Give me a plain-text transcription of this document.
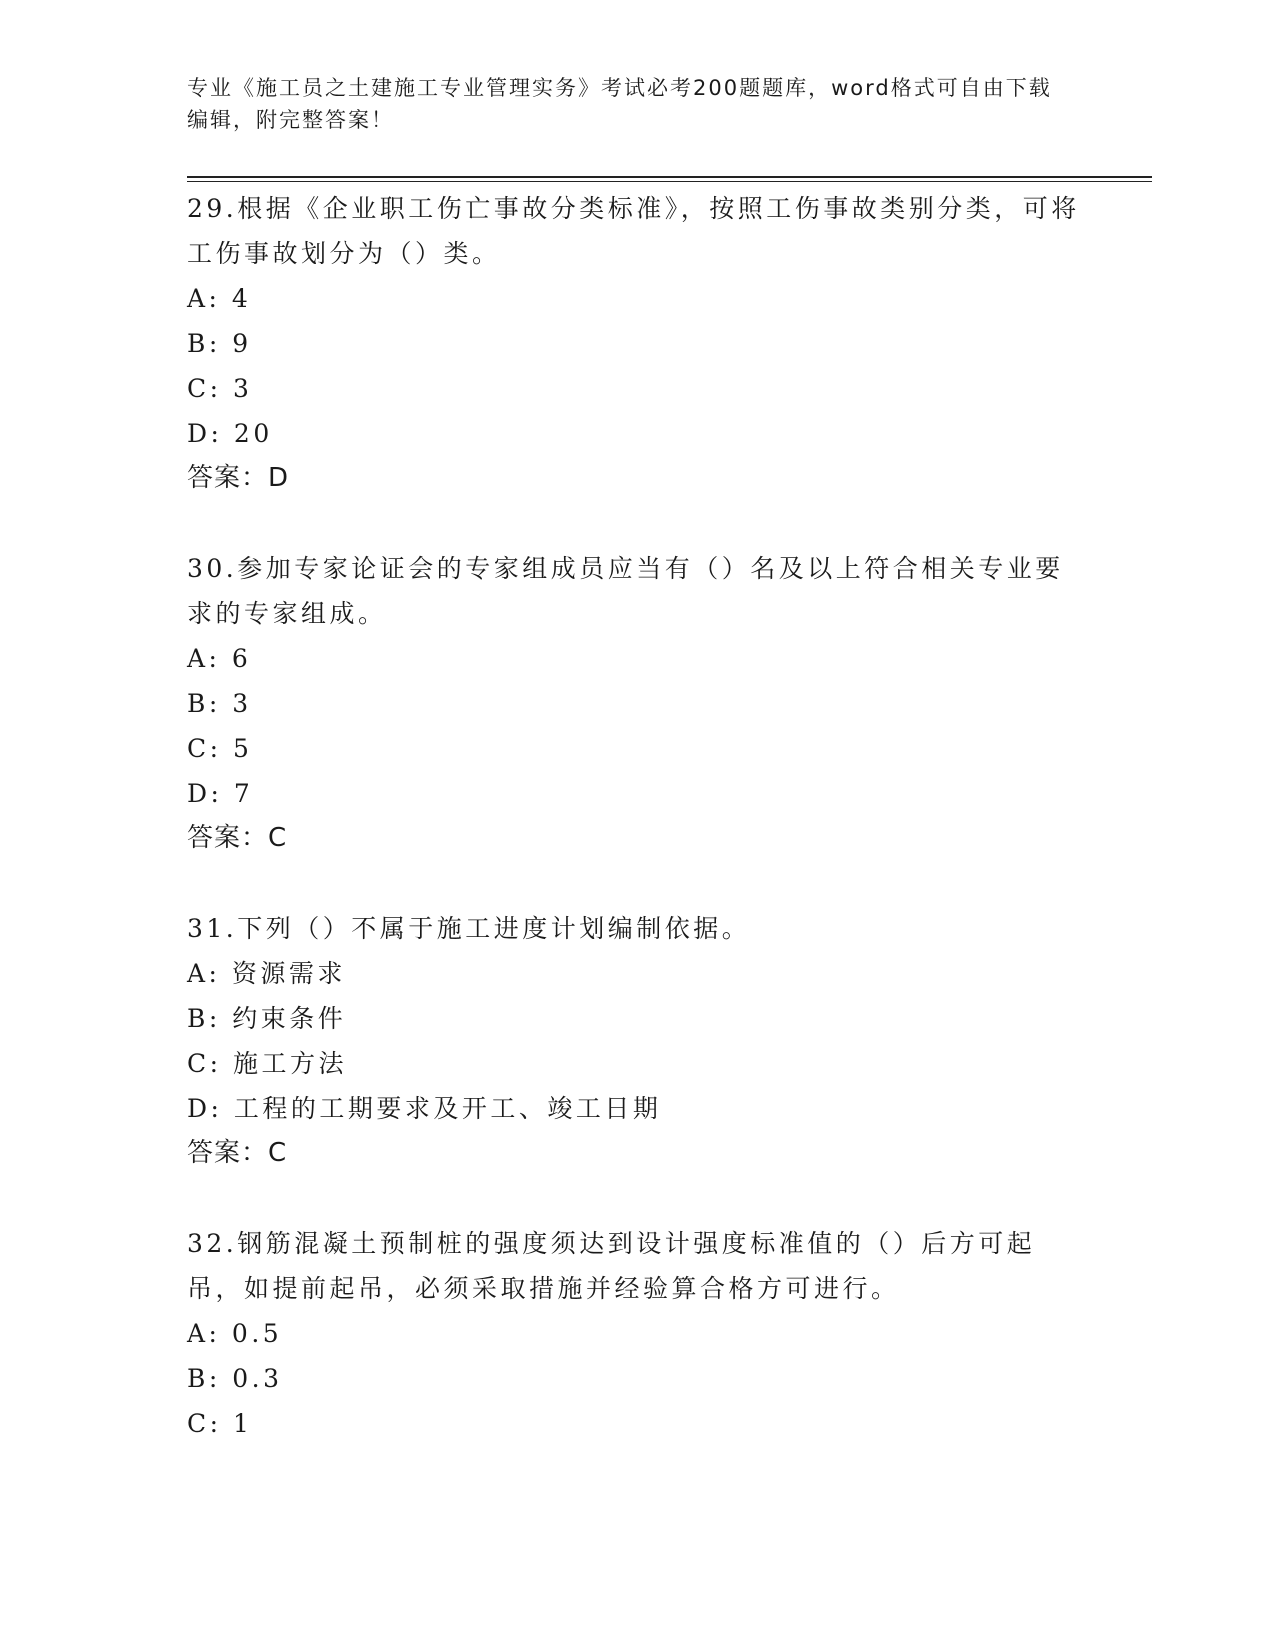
专业《施工员之土建施工专业管理实务》考试必考200题题库，word格式可自由下载编辑，附完整答案！

29.根据《企业职工伤亡事故分类标准》，按照工伤事故类别分类，可将工伤事故划分为（）类。

A: 4

B: 9

C: 3

D: 20

答案：D

30.参加专家论证会的专家组成员应当有（）名及以上符合相关专业要求的专家组成。

A: 6

B: 3

C: 5

D: 7

答案：C

31.下列（）不属于施工进度计划编制依据。

A: 资源需求

B: 约束条件

C: 施工方法

D: 工程的工期要求及开工、竣工日期

答案：C

32.钢筋混凝土预制桩的强度须达到设计强度标准值的（）后方可起吊，如提前起吊，必须采取措施并经验算合格方可进行。

A: 0.5

B: 0.3

C: 1
